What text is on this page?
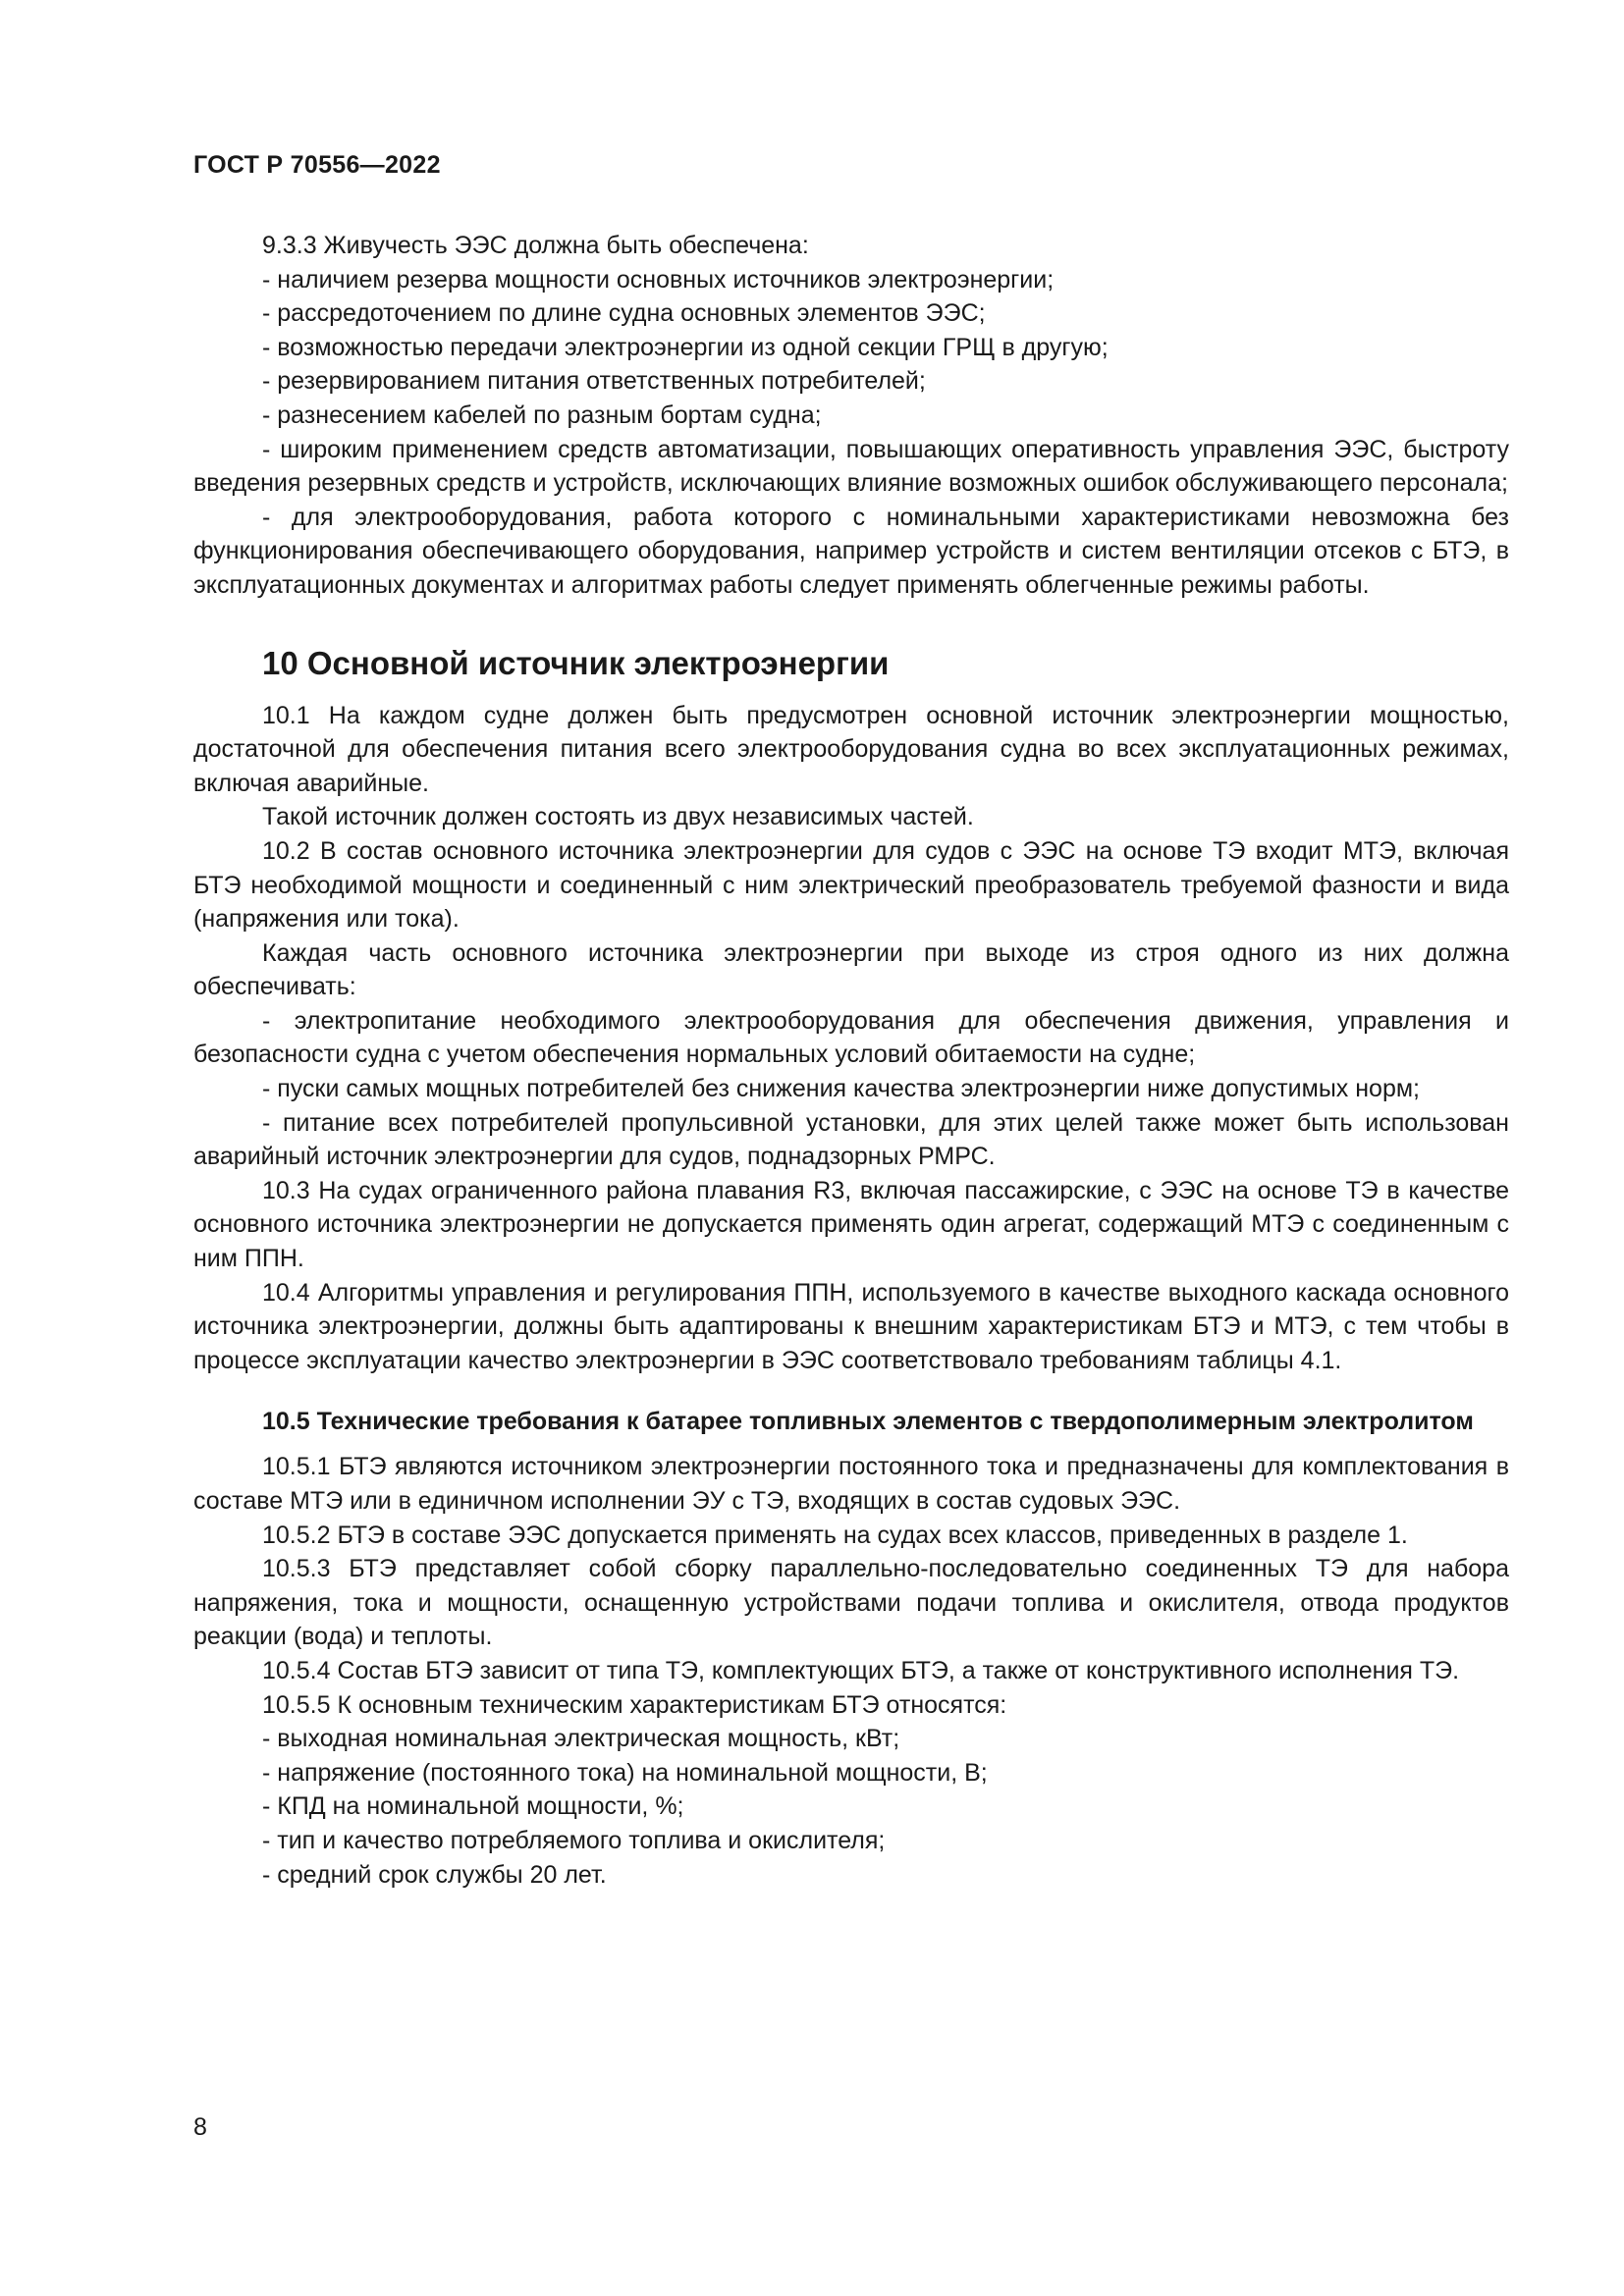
ГОСТ Р 70556—2022

9.3.3 Живучесть ЭЭС должна быть обеспечена:

- наличием резерва мощности основных источников электроэнергии;

- рассредоточением по длине судна основных элементов ЭЭС;

- возможностью передачи электроэнергии из одной секции ГРЩ в другую;

- резервированием питания ответственных потребителей;

- разнесением кабелей по разным бортам судна;

- широким применением средств автоматизации, повышающих оперативность управления ЭЭС, быстроту введения резервных средств и устройств, исключающих влияние возможных ошибок обслуживающего персонала;

- для электрооборудования, работа которого с номинальными характеристиками невозможна без функционирования обеспечивающего оборудования, например устройств и систем вентиляции отсеков с БТЭ, в эксплуатационных документах и алгоритмах работы следует применять облегченные режимы работы.

10 Основной источник электроэнергии

10.1 На каждом судне должен быть предусмотрен основной источник электроэнергии мощностью, достаточной для обеспечения питания всего электрооборудования судна во всех эксплуатационных режимах, включая аварийные.

Такой источник должен состоять из двух независимых частей.

10.2 В состав основного источника электроэнергии для судов с ЭЭС на основе ТЭ входит МТЭ, включая БТЭ необходимой мощности и соединенный с ним электрический преобразователь требуемой фазности и вида (напряжения или тока).

Каждая часть основного источника электроэнергии при выходе из строя одного из них должна обеспечивать:

- электропитание необходимого электрооборудования для обеспечения движения, управления и безопасности судна с учетом обеспечения нормальных условий обитаемости на судне;

- пуски самых мощных потребителей без снижения качества электроэнергии ниже допустимых норм;

- питание всех потребителей пропульсивной установки, для этих целей также может быть использован аварийный источник электроэнергии для судов, поднадзорных РМРС.

10.3 На судах ограниченного района плавания R3, включая пассажирские, с ЭЭС на основе ТЭ в качестве основного источника электроэнергии не допускается применять один агрегат, содержащий МТЭ с соединенным с ним ППН.

10.4 Алгоритмы управления и регулирования ППН, используемого в качестве выходного каскада основного источника электроэнергии, должны быть адаптированы к внешним характеристикам БТЭ и МТЭ, с тем чтобы в процессе эксплуатации качество электроэнергии в ЭЭС соответствовало требованиям таблицы 4.1.

10.5 Технические требования к батарее топливных элементов с твердополимерным электролитом

10.5.1 БТЭ являются источником электроэнергии постоянного тока и предназначены для комплектования в составе МТЭ или в единичном исполнении ЭУ с ТЭ, входящих в состав судовых ЭЭС.

10.5.2 БТЭ в составе ЭЭС допускается применять на судах всех классов, приведенных в разделе 1.

10.5.3 БТЭ представляет собой сборку параллельно-последовательно соединенных ТЭ для набора напряжения, тока и мощности, оснащенную устройствами подачи топлива и окислителя, отвода продуктов реакции (вода) и теплоты.

10.5.4 Состав БТЭ зависит от типа ТЭ, комплектующих БТЭ, а также от конструктивного исполнения ТЭ.

10.5.5 К основным техническим характеристикам БТЭ относятся:

- выходная номинальная электрическая мощность, кВт;

- напряжение (постоянного тока) на номинальной мощности, В;

- КПД на номинальной мощности, %;

- тип и качество потребляемого топлива и окислителя;

- средний срок службы 20 лет.

8
